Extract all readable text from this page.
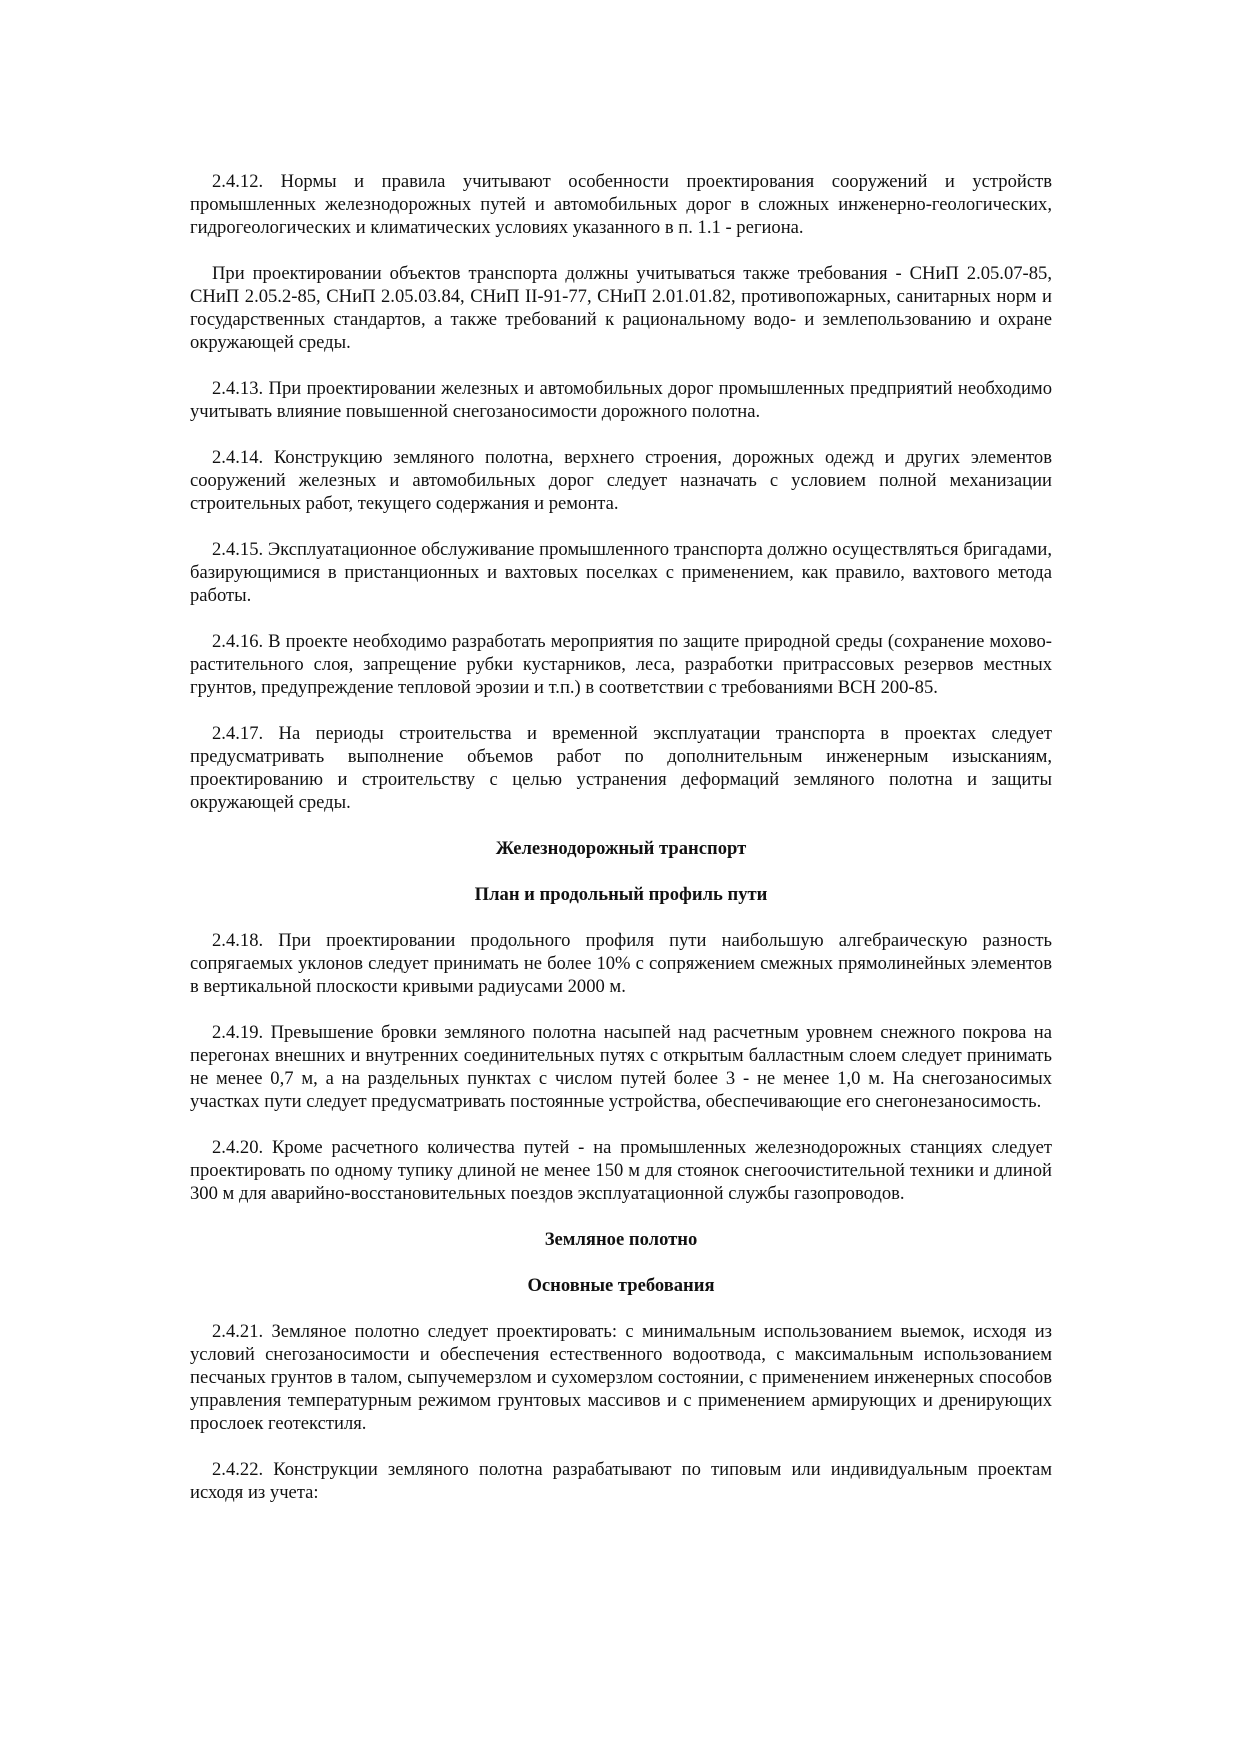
2.4.12. Нормы и правила учитывают особенности проектирования сооружений и устройств промышленных железнодорожных путей и автомобильных дорог в сложных инженерно-геологических, гидрогеологических и климатических условиях указанного в п. 1.1 - региона.

При проектировании объектов транспорта должны учитываться также требования - СНиП 2.05.07-85, СНиП 2.05.2-85, СНиП 2.05.03.84, СНиП II-91-77, СНиП 2.01.01.82, противопожарных, санитарных норм и государственных стандартов, а также требований к рациональному водо- и землепользованию и охране окружающей среды.

2.4.13. При проектировании железных и автомобильных дорог промышленных предприятий необходимо учитывать влияние повышенной снегозаносимости дорожного полотна.

2.4.14. Конструкцию земляного полотна, верхнего строения, дорожных одежд и других элементов сооружений железных и автомобильных дорог следует назначать с условием полной механизации строительных работ, текущего содержания и ремонта.

2.4.15. Эксплуатационное обслуживание промышленного транспорта должно осуществляться бригадами, базирующимися в пристанционных и вахтовых поселках с применением, как правило, вахтового метода работы.

2.4.16. В проекте необходимо разработать мероприятия по защите природной среды (сохранение мохово-растительного слоя, запрещение рубки кустарников, леса, разработки притрассовых резервов местных грунтов, предупреждение тепловой эрозии и т.п.) в соответствии с требованиями ВСН 200-85.

2.4.17. На периоды строительства и временной эксплуатации транспорта в проектах следует предусматривать выполнение объемов работ по дополнительным инженерным изысканиям, проектированию и строительству с целью устранения деформаций земляного полотна и защиты окружающей среды.

Железнодорожный транспорт

План и продольный профиль пути

2.4.18. При проектировании продольного профиля пути наибольшую алгебраическую разность сопрягаемых уклонов следует принимать не более 10% с сопряжением смежных прямолинейных элементов в вертикальной плоскости кривыми радиусами 2000 м.

2.4.19. Превышение бровки земляного полотна насыпей над расчетным уровнем снежного покрова на перегонах внешних и внутренних соединительных путях с открытым балластным слоем следует принимать не менее 0,7 м, а на раздельных пунктах с числом путей более 3 - не менее 1,0 м. На снегозаносимых участках пути следует предусматривать постоянные устройства, обеспечивающие его снегонезаносимость.

2.4.20. Кроме расчетного количества путей - на промышленных железнодорожных станциях следует проектировать по одному тупику длиной не менее 150 м для стоянок снегоочистительной техники и длиной 300 м для аварийно-восстановительных поездов эксплуатационной службы газопроводов.

Земляное полотно

Основные требования

2.4.21. Земляное полотно следует проектировать: с минимальным использованием выемок, исходя из условий снегозаносимости и обеспечения естественного водоотвода, с максимальным использованием песчаных грунтов в талом, сыпучемерзлом и сухомерзлом состоянии, с применением инженерных способов управления температурным режимом грунтовых массивов и с применением армирующих и дренирующих прослоек геотекстиля.

2.4.22. Конструкции земляного полотна разрабатывают по типовым или индивидуальным проектам исходя из учета:
